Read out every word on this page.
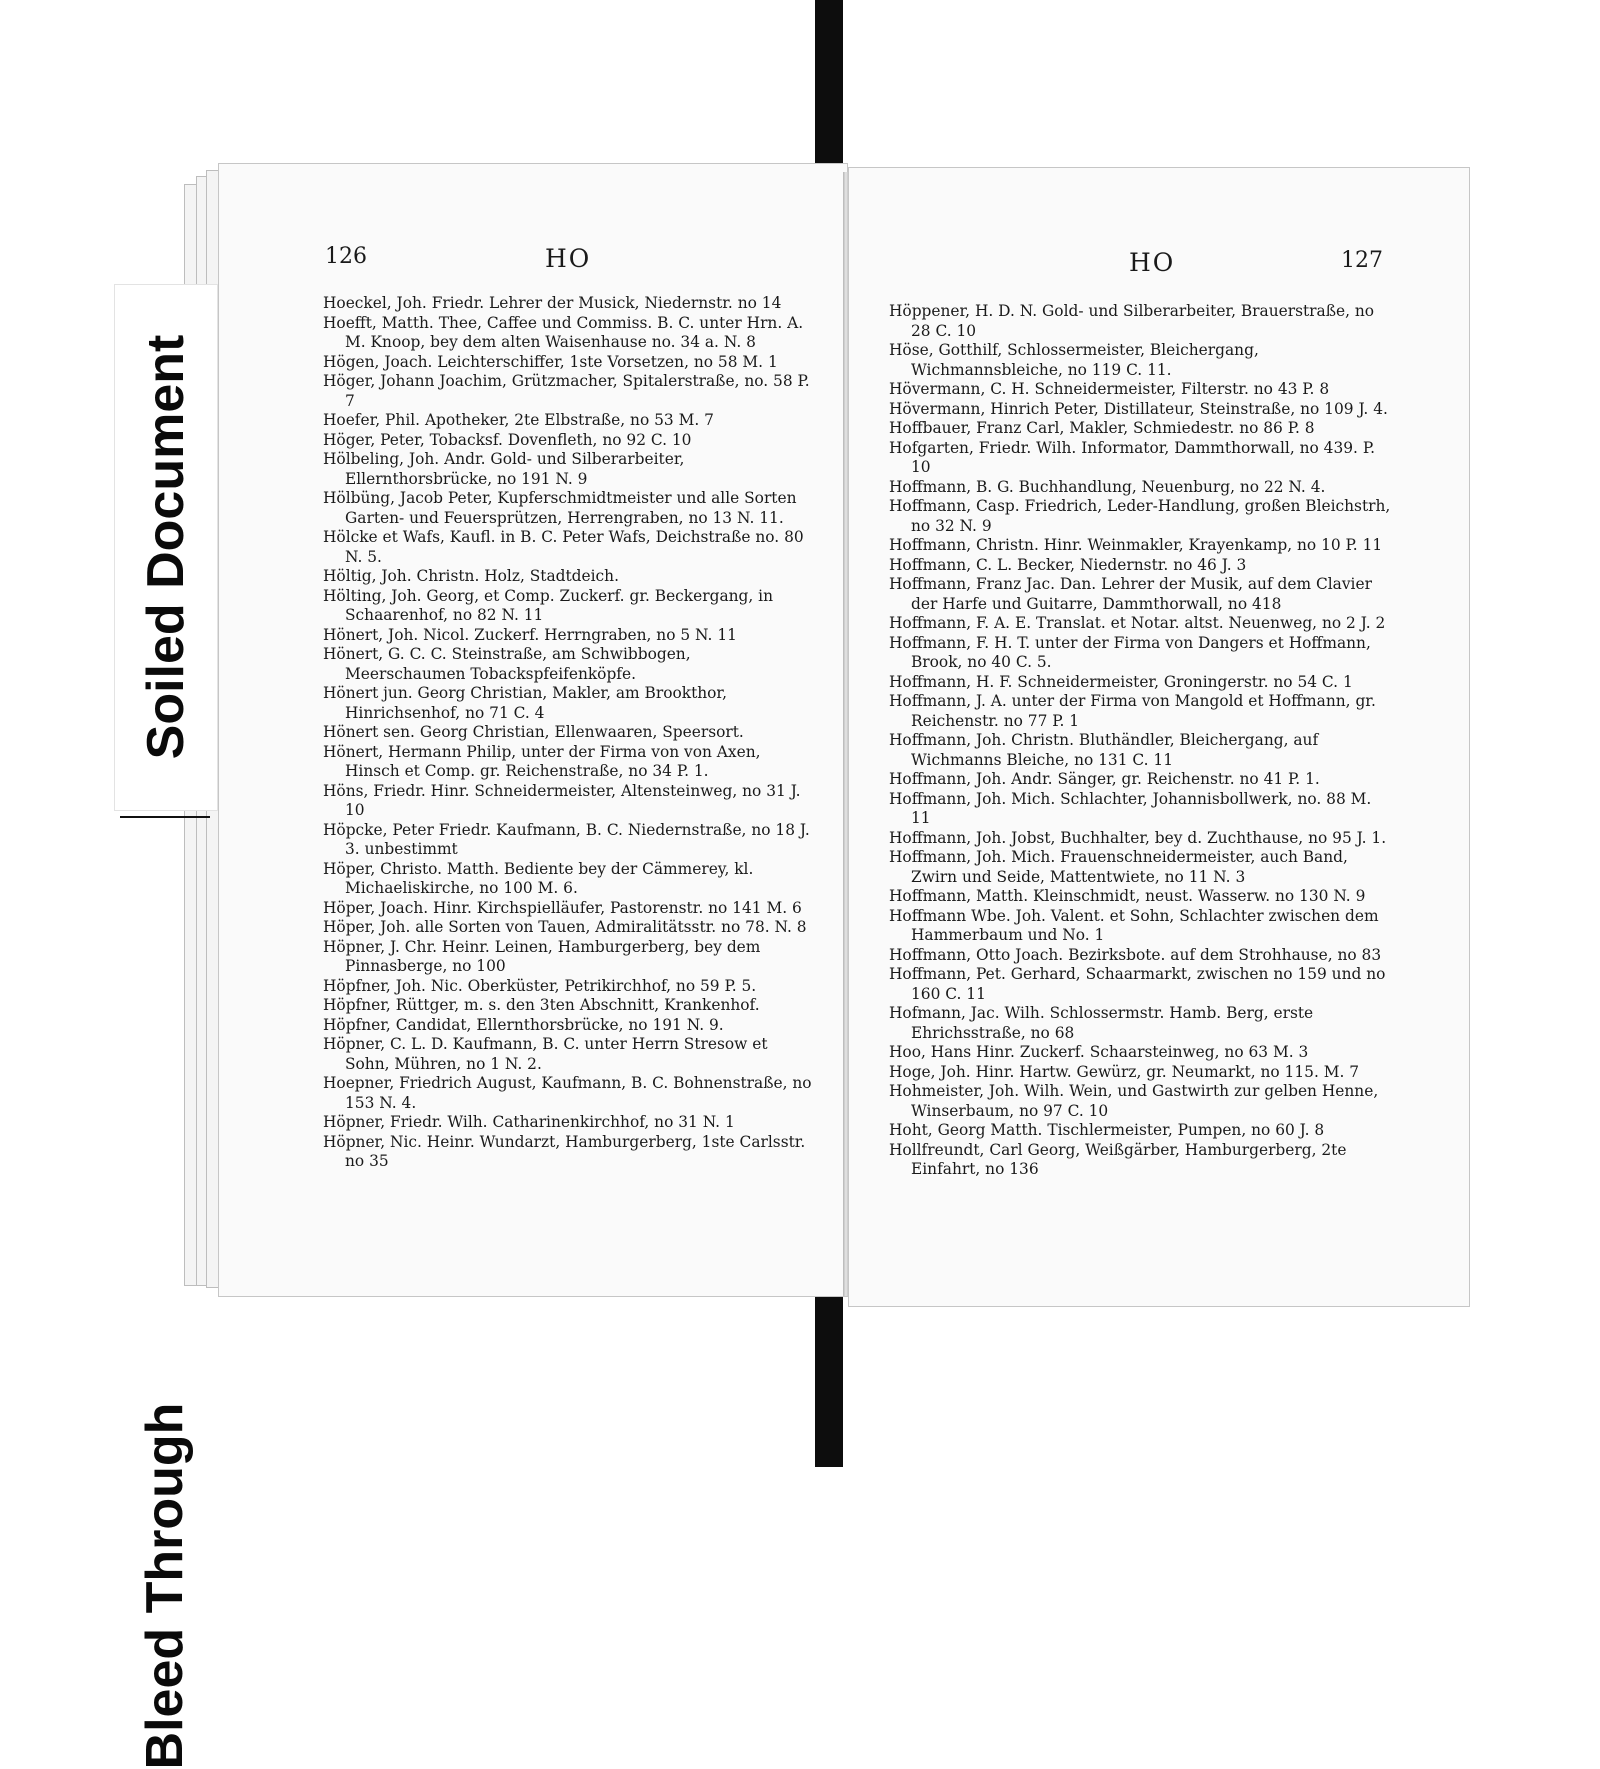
126	HO

Hoeckel, Joh. Friedr. Lehrer der Musick, Niedernstr. no 14

Hoefft, Matth. Thee, Caffee und Commiss. B. C. unter Hrn. A. M. Knoop, bey dem alten Waisenhause no. 34 a. N. 8

Högen, Joach. Leichterschiffer, 1ste Vorsetzen, no 58 M. 1

Höger, Johann Joachim, Grützmacher, Spitalerstraße, no. 58 P. 7

Hoefer, Phil. Apotheker, 2te Elbstraße, no 53 M. 7

Höger, Peter, Tobacksf. Dovenfleth, no 92 C. 10

Hölbeling, Joh. Andr. Gold- und Silberarbeiter, Ellernthorsbrücke, no 191 N. 9

Hölbüng, Jacob Peter, Kupferschmidtmeister und alle Sorten Garten- und Feuersprützen, Herrengraben, no 13 N. 11.

Hölcke et Wafs, Kaufl. in B. C. Peter Wafs, Deichstraße no. 80 N. 5.

Höltig, Joh. Christn. Holz, Stadtdeich.

Hölting, Joh. Georg, et Comp. Zuckerf. gr. Beckergang, in Schaarenhof, no 82 N. 11

Hönert, Joh. Nicol. Zuckerf. Herrngraben, no 5 N. 11

Hönert, G. C. C. Steinstraße, am Schwibbogen, Meerschaumen Tobackspfeifenköpfe.

Hönert jun. Georg Christian, Makler, am Brookthor, Hinrichsenhof, no 71 C. 4

Hönert sen. Georg Christian, Ellenwaaren, Speersort.

Hönert, Hermann Philip, unter der Firma von von Axen, Hinsch et Comp. gr. Reichenstraße, no 34 P. 1.

Höns, Friedr. Hinr. Schneidermeister, Altensteinweg, no 31 J. 10

Höpcke, Peter Friedr. Kaufmann, B. C. Niedernstraße, no 18 J. 3. unbestimmt

Höper, Christo. Matth. Bediente bey der Cämmerey, kl. Michaeliskirche, no 100 M. 6.

Höper, Joach. Hinr. Kirchspielläufer, Pastorenstr. no 141 M. 6

Höper, Joh. alle Sorten von Tauen, Admiralitätsstr. no 78. N. 8

Höpner, J. Chr. Heinr. Leinen, Hamburgerberg, bey dem Pinnasberge, no 100

Höpfner, Joh. Nic. Oberküster, Petrikirchhof, no 59 P. 5.

Höpfner, Rüttger, m. s. den 3ten Abschnitt, Krankenhof.

Höpfner, Candidat, Ellernthorsbrücke, no 191 N. 9.

Höpner, C. L. D. Kaufmann, B. C. unter Herrn Stresow et Sohn, Mühren, no 1 N. 2.

Hoepner, Friedrich August, Kaufmann, B. C. Bohnenstraße, no 153 N. 4.

Höpner, Friedr. Wilh. Catharinenkirchhof, no 31 N. 1

Höpner, Nic. Heinr. Wundarzt, Hamburgerberg, 1ste Carlsstr. no 35

HO	127

Höppener, H. D. N. Gold- und Silberarbeiter, Brauerstraße, no 28 C. 10

Höse, Gotthilf, Schlossermeister, Bleichergang, Wichmannsbleiche, no 119 C. 11.

Hövermann, C. H. Schneidermeister, Filterstr. no 43 P. 8

Hövermann, Hinrich Peter, Distillateur, Steinstraße, no 109 J. 4.

Hoffbauer, Franz Carl, Makler, Schmiedestr. no 86 P. 8

Hofgarten, Friedr. Wilh. Informator, Dammthorwall, no 439. P. 10

Hoffmann, B. G. Buchhandlung, Neuenburg, no 22 N. 4.

Hoffmann, Casp. Friedrich, Leder-Handlung, großen Bleichstrh, no 32 N. 9

Hoffmann, Christn. Hinr. Weinmakler, Krayenkamp, no 10 P. 11

Hoffmann, C. L. Becker, Niedernstr. no 46 J. 3

Hoffmann, Franz Jac. Dan. Lehrer der Musik, auf dem Clavier der Harfe und Guitarre, Dammthorwall, no 418

Hoffmann, F. A. E. Translat. et Notar. altst. Neuenweg, no 2 J. 2

Hoffmann, F. H. T. unter der Firma von Dangers et Hoffmann, Brook, no 40 C. 5.

Hoffmann, H. F. Schneidermeister, Groningerstr. no 54 C. 1

Hoffmann, J. A. unter der Firma von Mangold et Hoffmann, gr. Reichenstr. no 77 P. 1

Hoffmann, Joh. Christn. Bluthändler, Bleichergang, auf Wichmanns Bleiche, no 131 C. 11

Hoffmann, Joh. Andr. Sänger, gr. Reichenstr. no 41 P. 1.

Hoffmann, Joh. Mich. Schlachter, Johannisbollwerk, no. 88 M. 11

Hoffmann, Joh. Jobst, Buchhalter, bey d. Zuchthause, no 95 J. 1.

Hoffmann, Joh. Mich. Frauenschneidermeister, auch Band, Zwirn und Seide, Mattentwiete, no 11 N. 3

Hoffmann, Matth. Kleinschmidt, neust. Wasserw. no 130 N. 9

Hoffmann Wbe. Joh. Valent. et Sohn, Schlachter zwischen dem Hammerbaum und No. 1

Hoffmann, Otto Joach. Bezirksbote. auf dem Strohhause, no 83

Hoffmann, Pet. Gerhard, Schaarmarkt, zwischen no 159 und no 160 C. 11

Hofmann, Jac. Wilh. Schlossermstr. Hamb. Berg, erste Ehrichsstraße, no 68

Hoo, Hans Hinr. Zuckerf. Schaarsteinweg, no 63 M. 3

Hoge, Joh. Hinr. Hartw. Gewürz, gr. Neumarkt, no 115. M. 7

Hohmeister, Joh. Wilh. Wein, und Gastwirth zur gelben Henne, Winserbaum, no 97 C. 10

Hoht, Georg Matth. Tischlermeister, Pumpen, no 60 J. 8

Hollfreundt, Carl Georg, Weißgärber, Hamburgerberg, 2te Einfahrt, no 136

Soiled Document
Bleed Through
